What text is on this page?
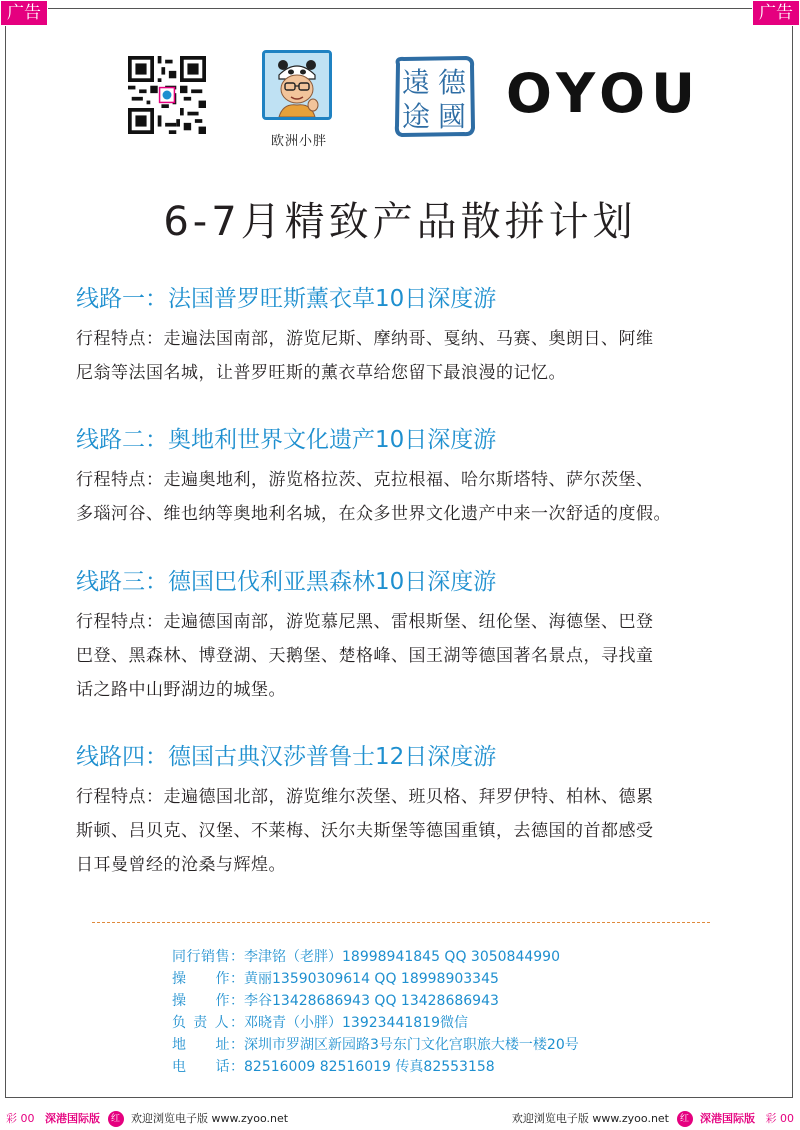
广告	广告
欧洲小胖
遠 德
途 國 OYOU
6-7月精致产品散拼计划
线路一：法国普罗旺斯薰衣草10日深度游
行程特点：走遍法国南部，游览尼斯、摩纳哥、戛纳、马赛、奥朗日、阿维
尼翁等法国名城，让普罗旺斯的薰衣草给您留下最浪漫的记忆。
线路二：奥地利世界文化遗产10日深度游
行程特点：走遍奥地利，游览格拉茨、克拉根福、哈尔斯塔特、萨尔茨堡、
多瑙河谷、维也纳等奥地利名城，在众多世界文化遗产中来一次舒适的度假。
线路三：德国巴伐利亚黑森林10日深度游
行程特点：走遍德国南部，游览慕尼黑、雷根斯堡、纽伦堡、海德堡、巴登
巴登、黑森林、博登湖、天鹅堡、楚格峰、国王湖等德国著名景点，寻找童
话之路中山野湖边的城堡。
线路四：德国古典汉莎普鲁士12日深度游
行程特点：走遍德国北部，游览维尔茨堡、班贝格、拜罗伊特、柏林、德累
斯顿、吕贝克、汉堡、不莱梅、沃尔夫斯堡等德国重镇，去德国的首都感受
日耳曼曾经的沧桑与辉煌。
同行销售：李津铭（老胖）18998941845 QQ 3050844990
操　　作：黄丽13590309614 QQ 18998903345
操　　作：李谷13428686943 QQ 13428686943
负 责 人：邓晓青（小胖）13923441819微信
地　　址：深圳市罗湖区新园路3号东门文化宫职旅大楼一楼20号
电　　话：82516009 82516019 传真82553158
彩 00 深港国际版 红 欢迎浏览电子版 www.zyoo.net	欢迎浏览电子版 www.zyoo.net 红 深港国际版 彩 00
